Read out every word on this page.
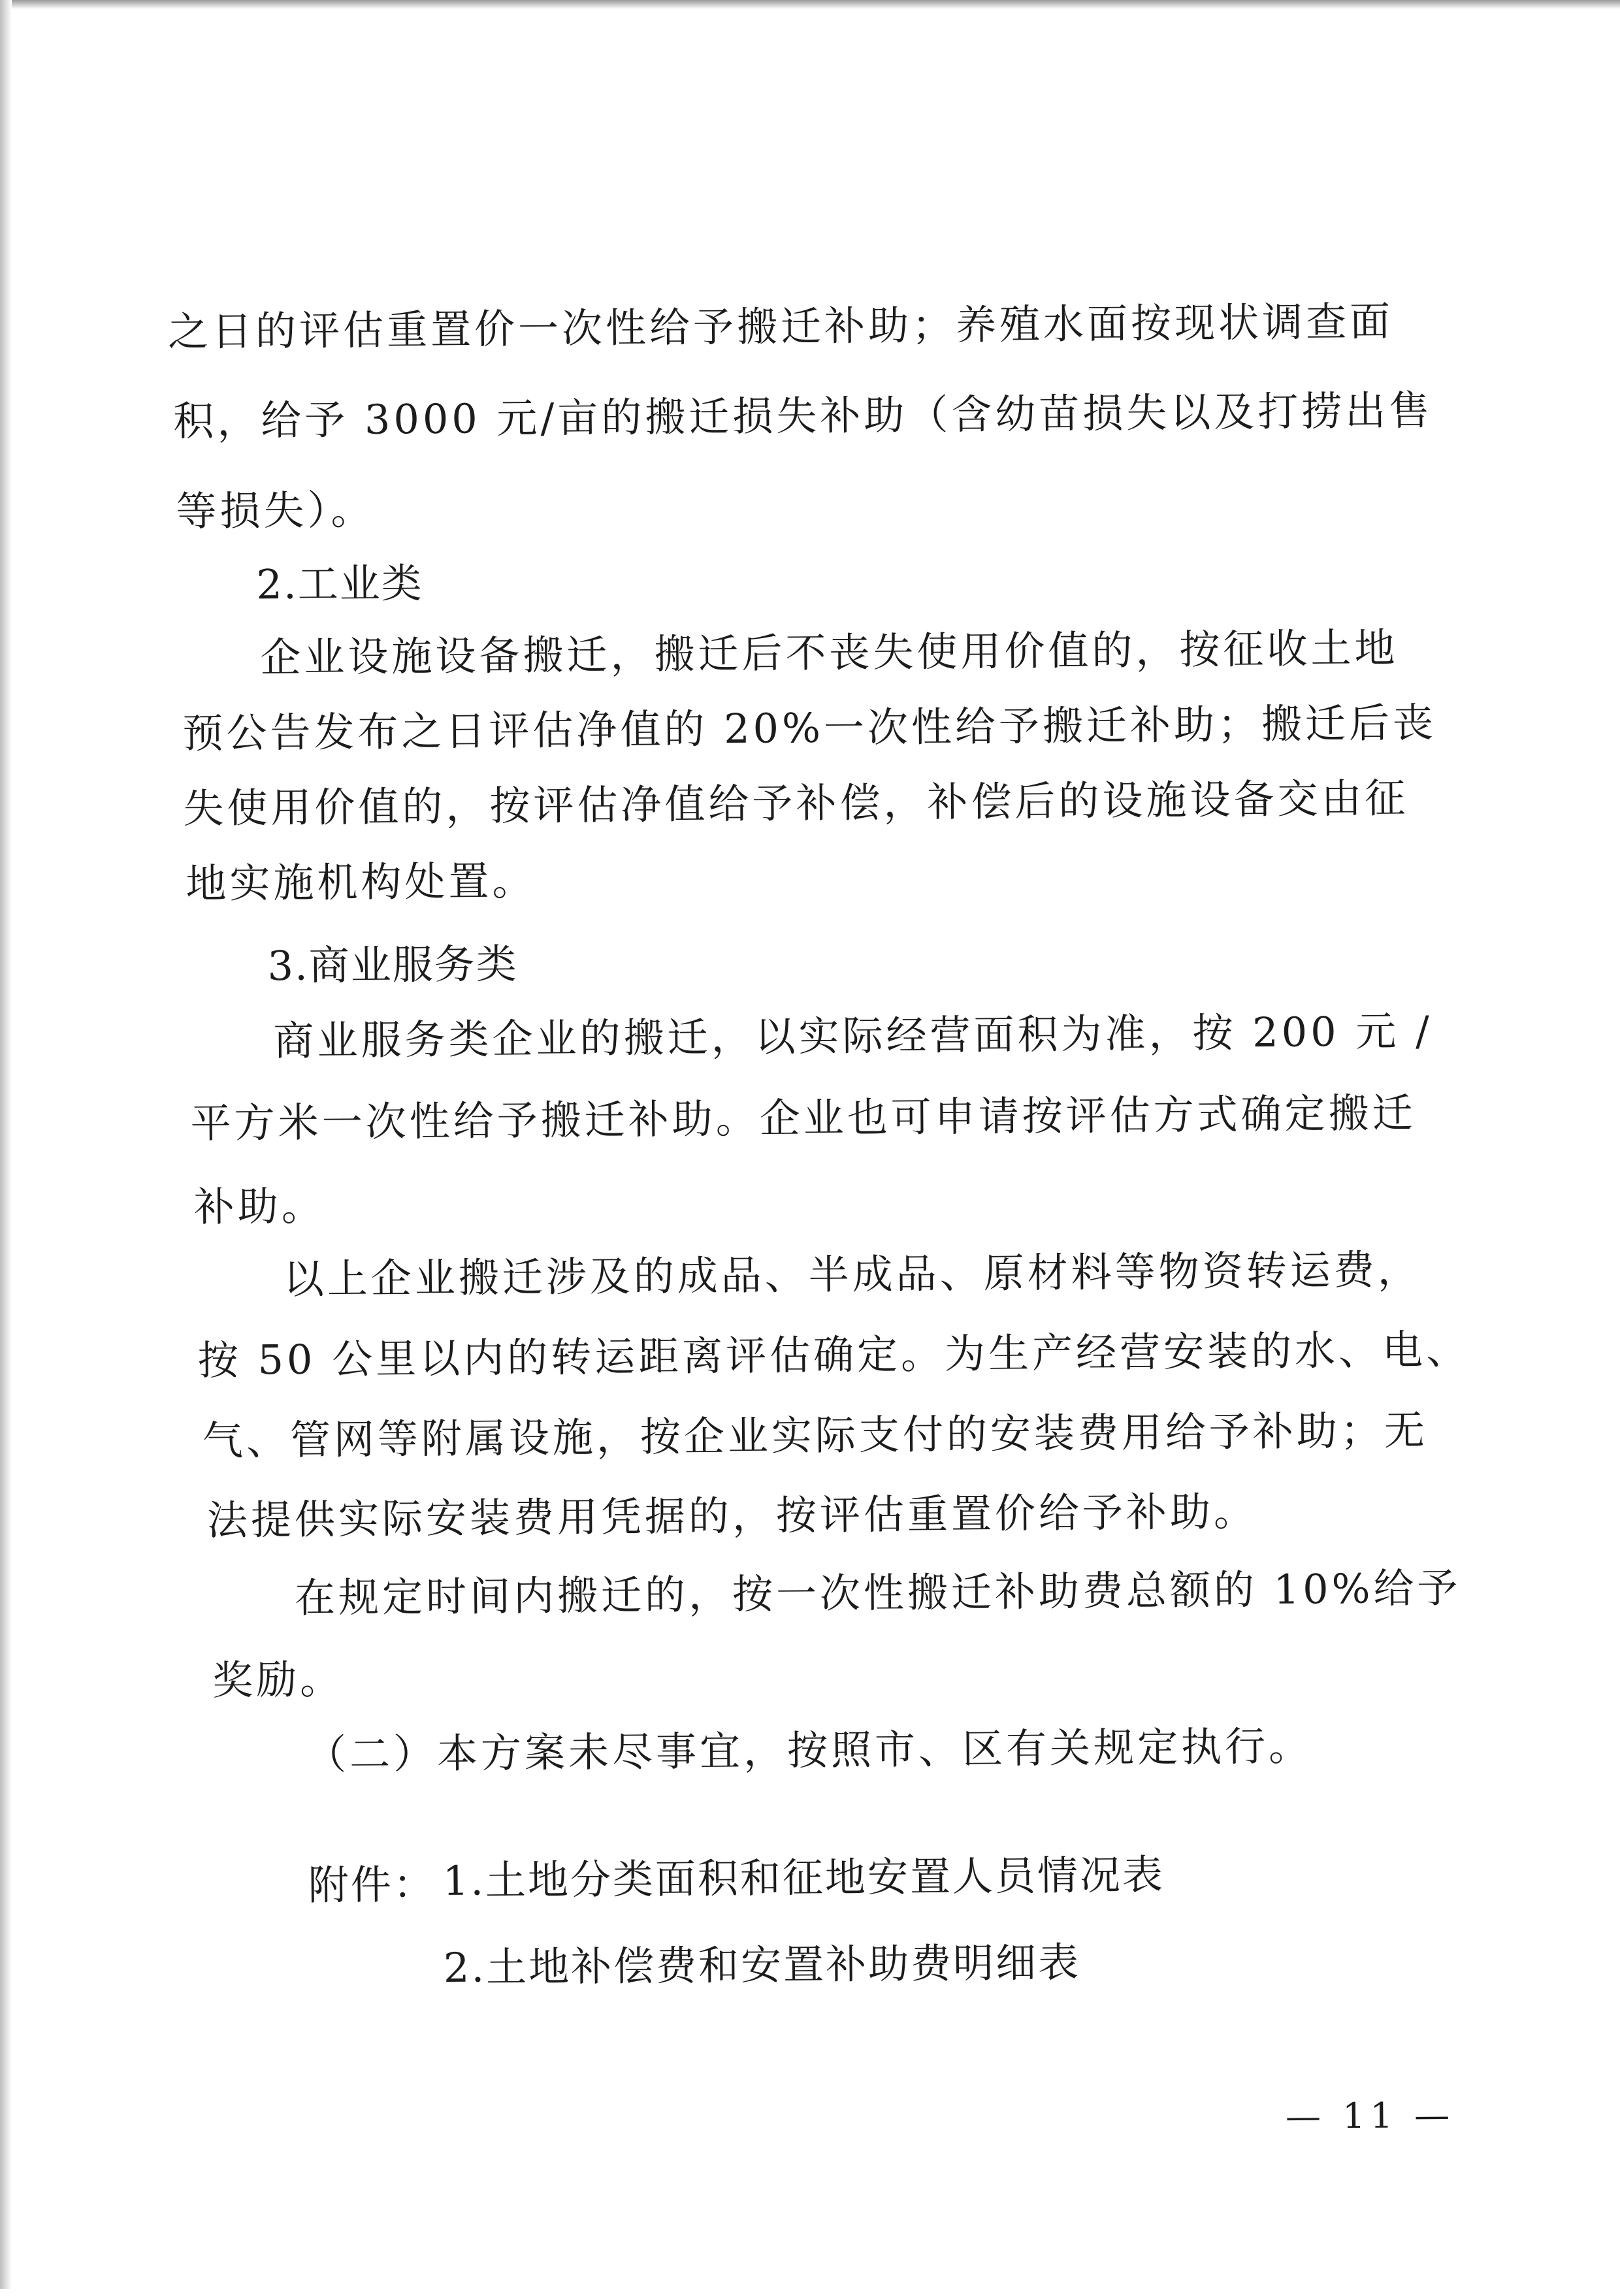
之日的评估重置价一次性给予搬迁补助；养殖水面按现状调查面
积，给予 3000 元/亩的搬迁损失补助（含幼苗损失以及打捞出售
等损失）。
2.工业类
企业设施设备搬迁，搬迁后不丧失使用价值的，按征收土地
预公告发布之日评估净值的 20%一次性给予搬迁补助；搬迁后丧
失使用价值的，按评估净值给予补偿，补偿后的设施设备交由征
地实施机构处置。
3.商业服务类
商业服务类企业的搬迁，以实际经营面积为准，按 200 元 /
平方米一次性给予搬迁补助。企业也可申请按评估方式确定搬迁
补助。
以上企业搬迁涉及的成品、半成品、原材料等物资转运费，
按 50 公里以内的转运距离评估确定。为生产经营安装的水、电、
气、管网等附属设施，按企业实际支付的安装费用给予补助；无
法提供实际安装费用凭据的，按评估重置价给予补助。
在规定时间内搬迁的，按一次性搬迁补助费总额的 10%给予
奖励。
（二）本方案未尽事宜，按照市、区有关规定执行。
附件： 1.土地分类面积和征地安置人员情况表
2.土地补偿费和安置补助费明细表
— 11 —
